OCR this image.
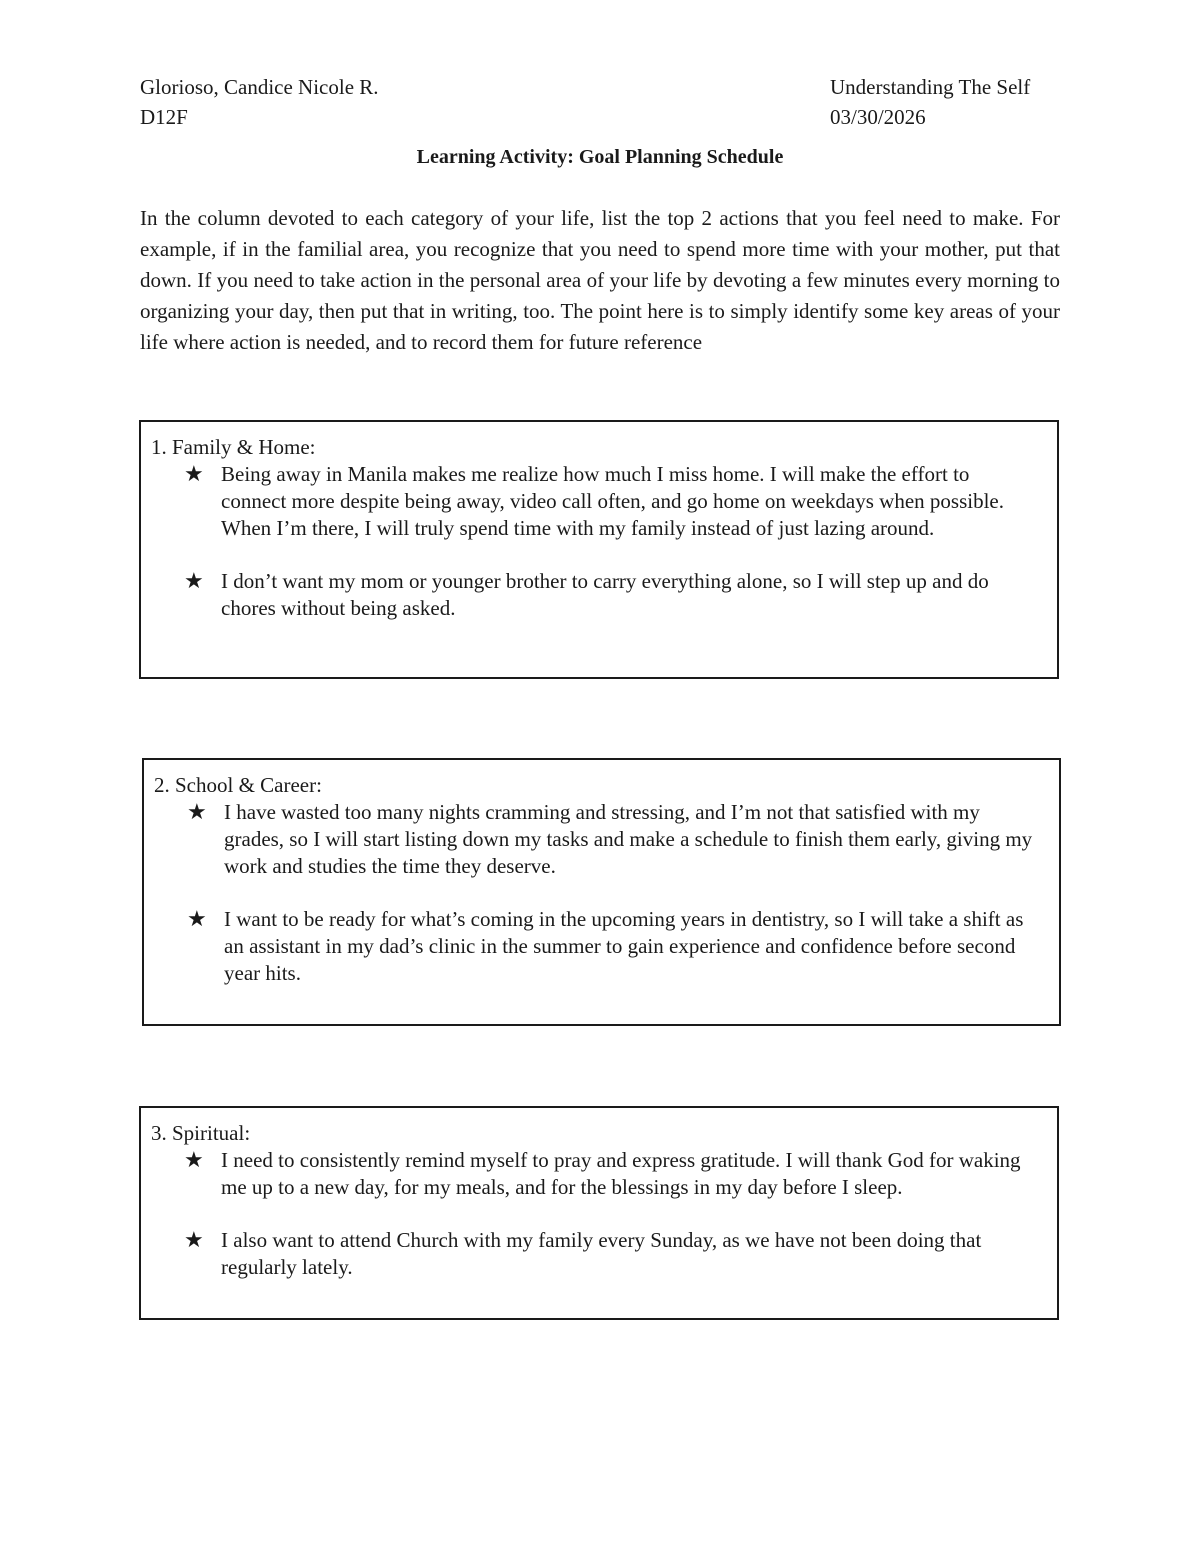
Glorioso, Candice Nicole R.
D12F
Understanding The Self
03/30/2026
Learning Activity: Goal Planning Schedule

In the column devoted to each category of your life, list the top 2 actions that you feel need to make. For example, if in the familial area, you recognize that you need to spend more time with your mother, put that down. If you need to take action in the personal area of your life by devoting a few minutes every morning to organizing your day, then put that in writing, too. The point here is to simply identify some key areas of your life where action is needed, and to record them for future reference

1. Family & Home:

★ Being away in Manila makes me realize how much I miss home. I will make the effort to connect more despite being away, video call often, and go home on weekdays when possible. When I’m there, I will truly spend time with my family instead of just lazing around.
★ I don’t want my mom or younger brother to carry everything alone, so I will step up and do chores without being asked.

2. School & Career:

★ I have wasted too many nights cramming and stressing, and I’m not that satisfied with my grades, so I will start listing down my tasks and make a schedule to finish them early, giving my work and studies the time they deserve.
★ I want to be ready for what’s coming in the upcoming years in dentistry, so I will take a shift as an assistant in my dad’s clinic in the summer to gain experience and confidence before second year hits.

3. Spiritual:

★ I need to consistently remind myself to pray and express gratitude. I will thank God for waking me up to a new day, for my meals, and for the blessings in my day before I sleep.
★ I also want to attend Church with my family every Sunday, as we have not been doing that regularly lately.
